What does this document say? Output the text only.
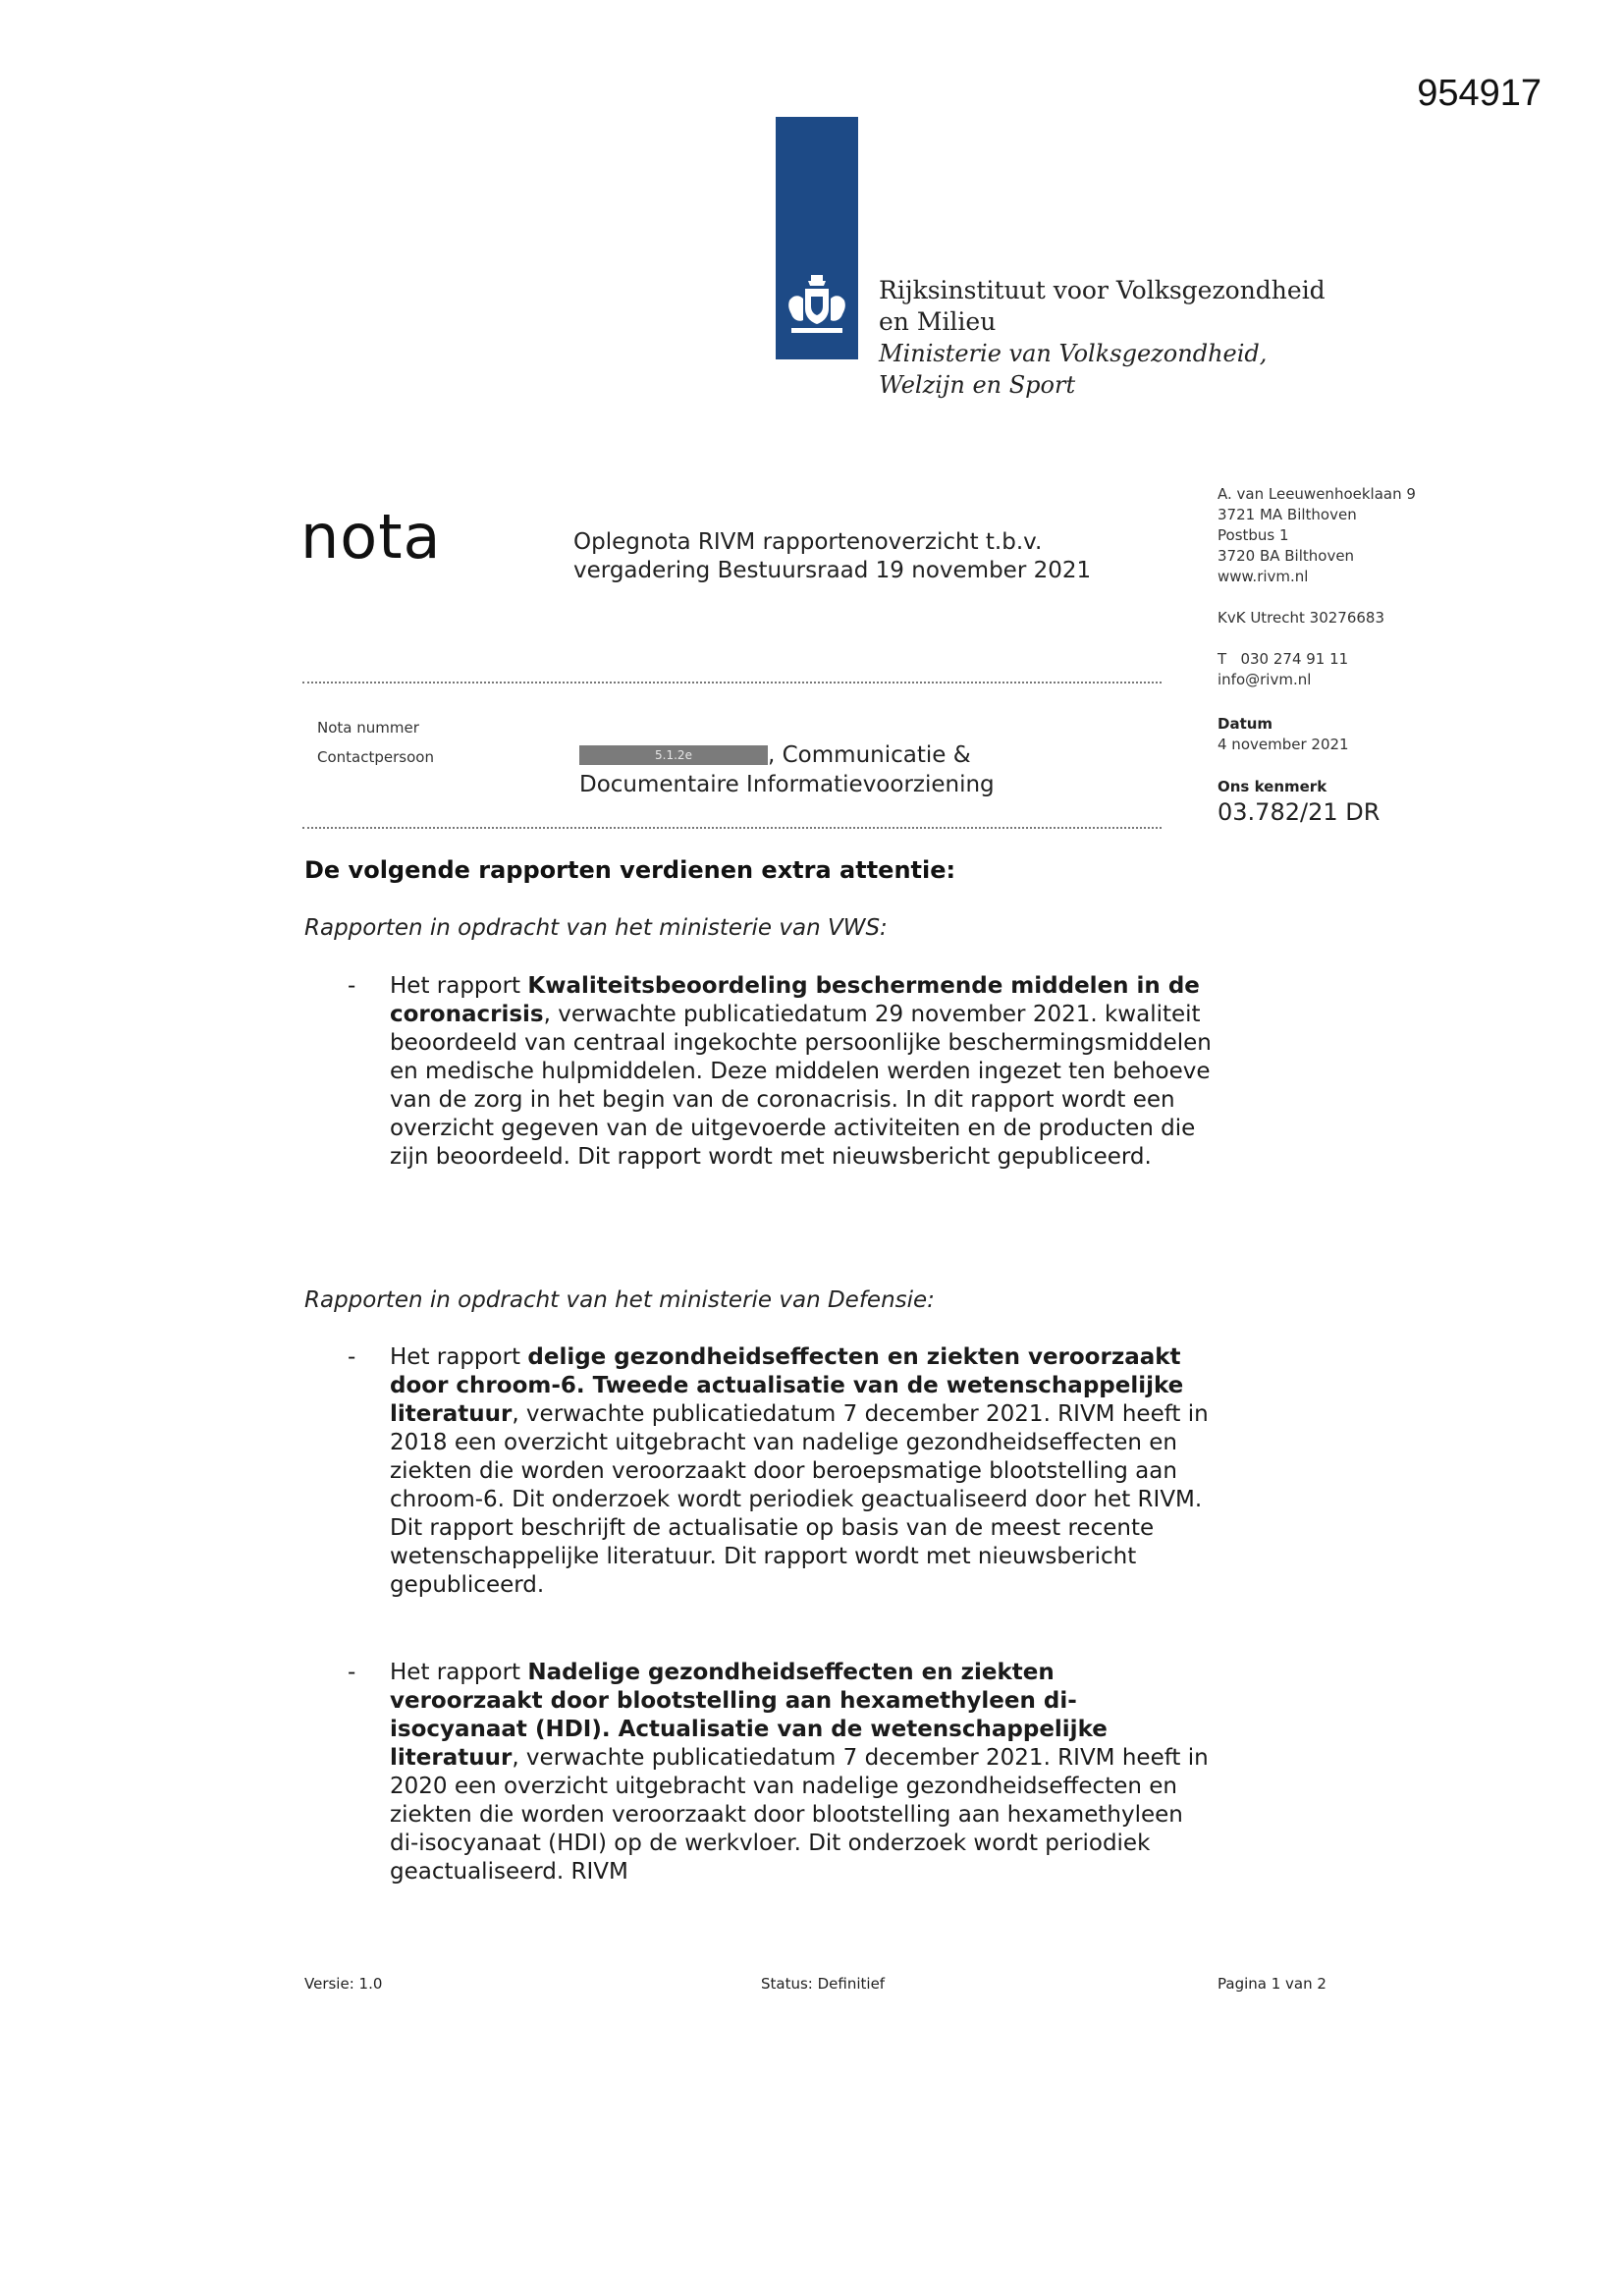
954917
Rijksinstituut voor Volksgezondheid
en Milieu
Ministerie van Volksgezondheid,
Welzijn en Sport
nota	Oplegnota RIVM rapportenoverzicht t.b.v.
vergadering Bestuursraad 19 november 2021
A. van Leeuwenhoeklaan 9
3721 MA Bilthoven
Postbus 1
3720 BA Bilthoven
www.rivm.nl
KvK Utrecht 30276683
T   030 274 91 11
info@rivm.nl
Datum
4 november 2021
Ons kenmerk
03.782/21 DR
Nota nummer
Contactpersoon	5.1.2e	, Communicatie &
Documentaire Informatievoorziening
De volgende rapporten verdienen extra attentie:
Rapporten in opdracht van het ministerie van VWS:
- Het rapport Kwaliteitsbeoordeling beschermende middelen in de coronacrisis, verwachte publicatiedatum 29 november 2021. kwaliteit beoordeeld van centraal ingekochte persoonlijke beschermingsmiddelen en medische hulpmiddelen. Deze middelen werden ingezet ten behoeve van de zorg in het begin van de coronacrisis. In dit rapport wordt een overzicht gegeven van de uitgevoerde activiteiten en de producten die zijn beoordeeld. Dit rapport wordt met nieuwsbericht gepubliceerd.
Rapporten in opdracht van het ministerie van Defensie:
- Het rapport delige gezondheidseffecten en ziekten veroorzaakt door chroom-6. Tweede actualisatie van de wetenschappelijke literatuur, verwachte publicatiedatum 7 december 2021. RIVM heeft in 2018 een overzicht uitgebracht van nadelige gezondheidseffecten en ziekten die worden veroorzaakt door beroepsmatige blootstelling aan chroom-6. Dit onderzoek wordt periodiek geactualiseerd door het RIVM. Dit rapport beschrijft de actualisatie op basis van de meest recente wetenschappelijke literatuur. Dit rapport wordt met nieuwsbericht gepubliceerd.
- Het rapport Nadelige gezondheidseffecten en ziekten veroorzaakt door blootstelling aan hexamethyleen di-isocyanaat (HDI). Actualisatie van de wetenschappelijke literatuur, verwachte publicatiedatum 7 december 2021. RIVM heeft in 2020 een overzicht uitgebracht van nadelige gezondheidseffecten en ziekten die worden veroorzaakt door blootstelling aan hexamethyleen di-isocyanaat (HDI) op de werkvloer. Dit onderzoek wordt periodiek geactualiseerd. RIVM
Versie: 1.0	Status: Definitief	Pagina 1 van 2
